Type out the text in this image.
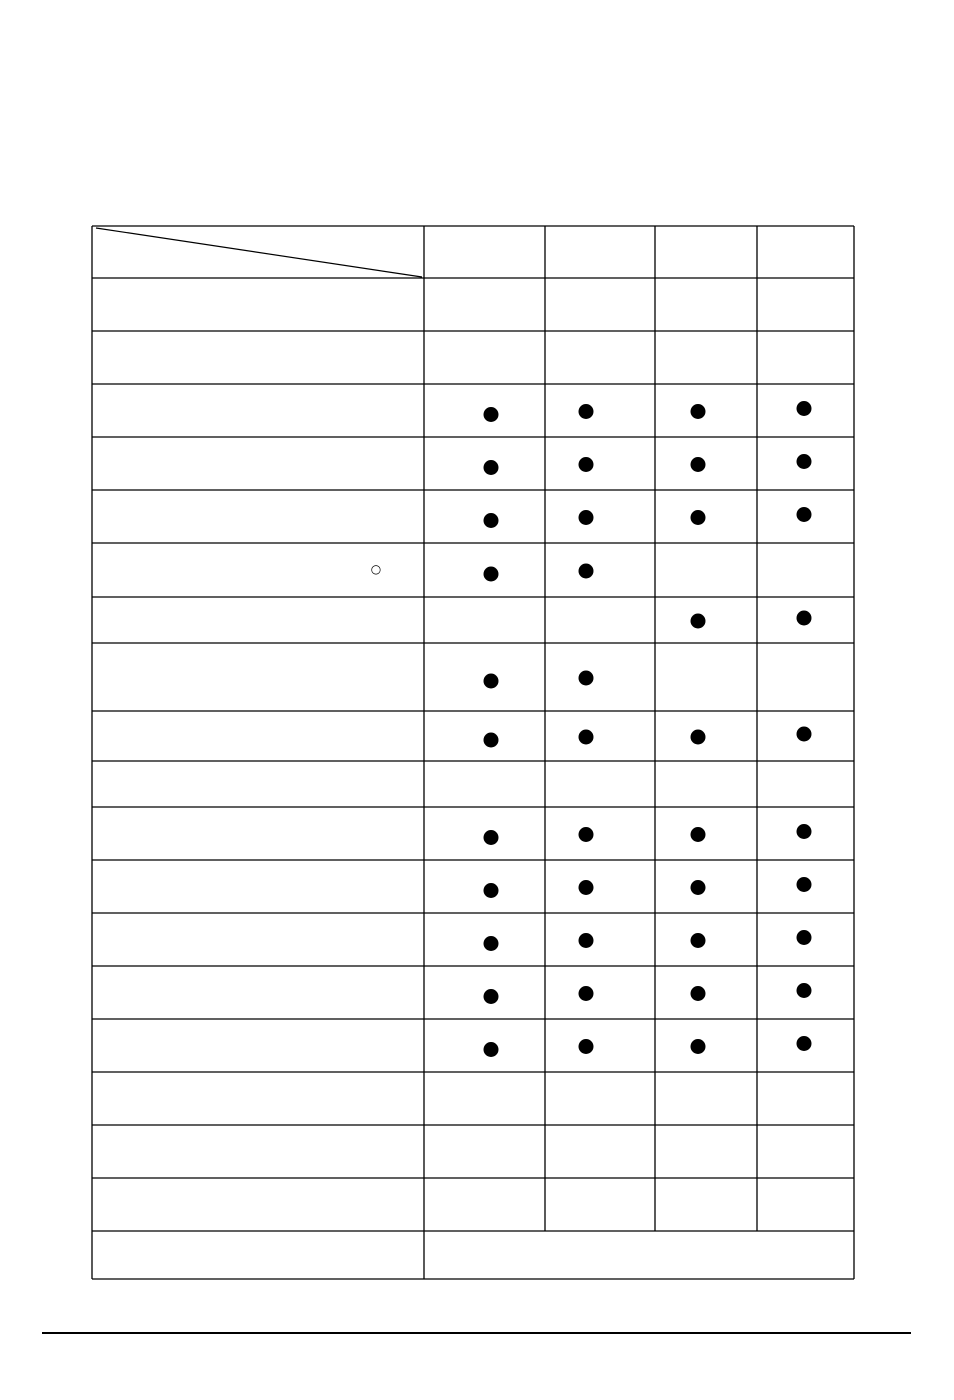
○
